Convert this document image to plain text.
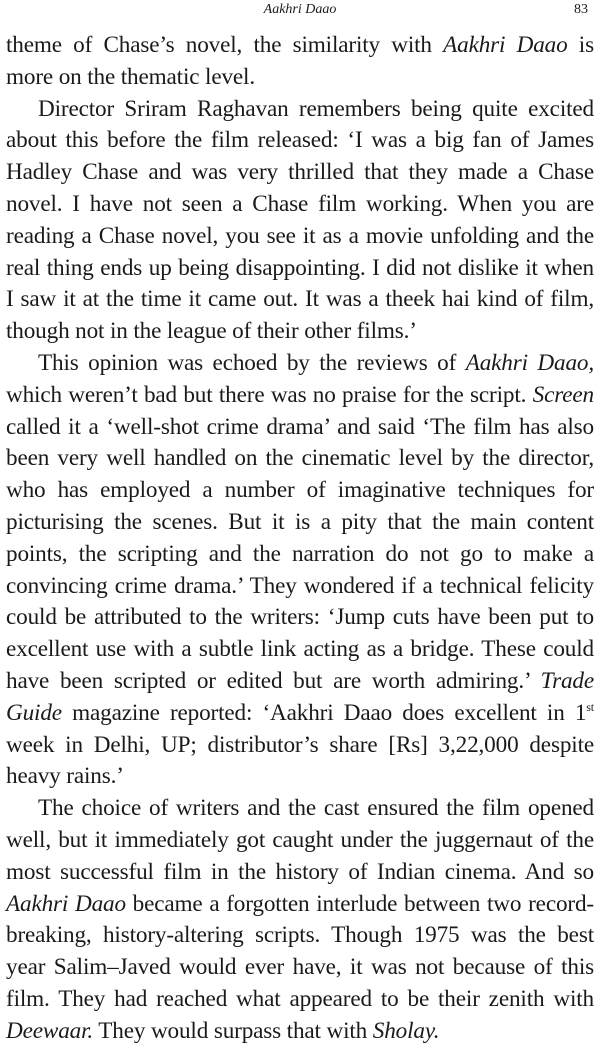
Aakhri Daao	83

theme of Chase’s novel, the similarity with Aakhri Daao is more on the thematic level.

Director Sriram Raghavan remembers being quite excited about this before the film released: ‘I was a big fan of James Hadley Chase and was very thrilled that they made a Chase novel. I have not seen a Chase film working. When you are reading a Chase novel, you see it as a movie unfolding and the real thing ends up being disappointing. I did not dislike it when I saw it at the time it came out. It was a theek hai kind of film, though not in the league of their other films.’

This opinion was echoed by the reviews of Aakhri Daao, which weren’t bad but there was no praise for the script. Screen called it a ‘well-shot crime drama’ and said ‘The film has also been very well handled on the cinematic level by the director, who has employed a number of imaginative techniques for picturising the scenes. But it is a pity that the main content points, the scripting and the narration do not go to make a convincing crime drama.’ They wondered if a technical felicity could be attributed to the writers: ‘Jump cuts have been put to excellent use with a subtle link acting as a bridge. These could have been scripted or edited but are worth admiring.’ Trade Guide magazine reported: ‘Aakhri Daao does excellent in 1st week in Delhi, UP; distributor’s share [Rs] 3,22,000 despite heavy rains.’

The choice of writers and the cast ensured the film opened well, but it immediately got caught under the juggernaut of the most successful film in the history of Indian cinema. And so Aakhri Daao became a forgotten interlude between two record-breaking, history-altering scripts. Though 1975 was the best year Salim–Javed would ever have, it was not because of this film. They had reached what appeared to be their zenith with Deewaar. They would surpass that with Sholay.
